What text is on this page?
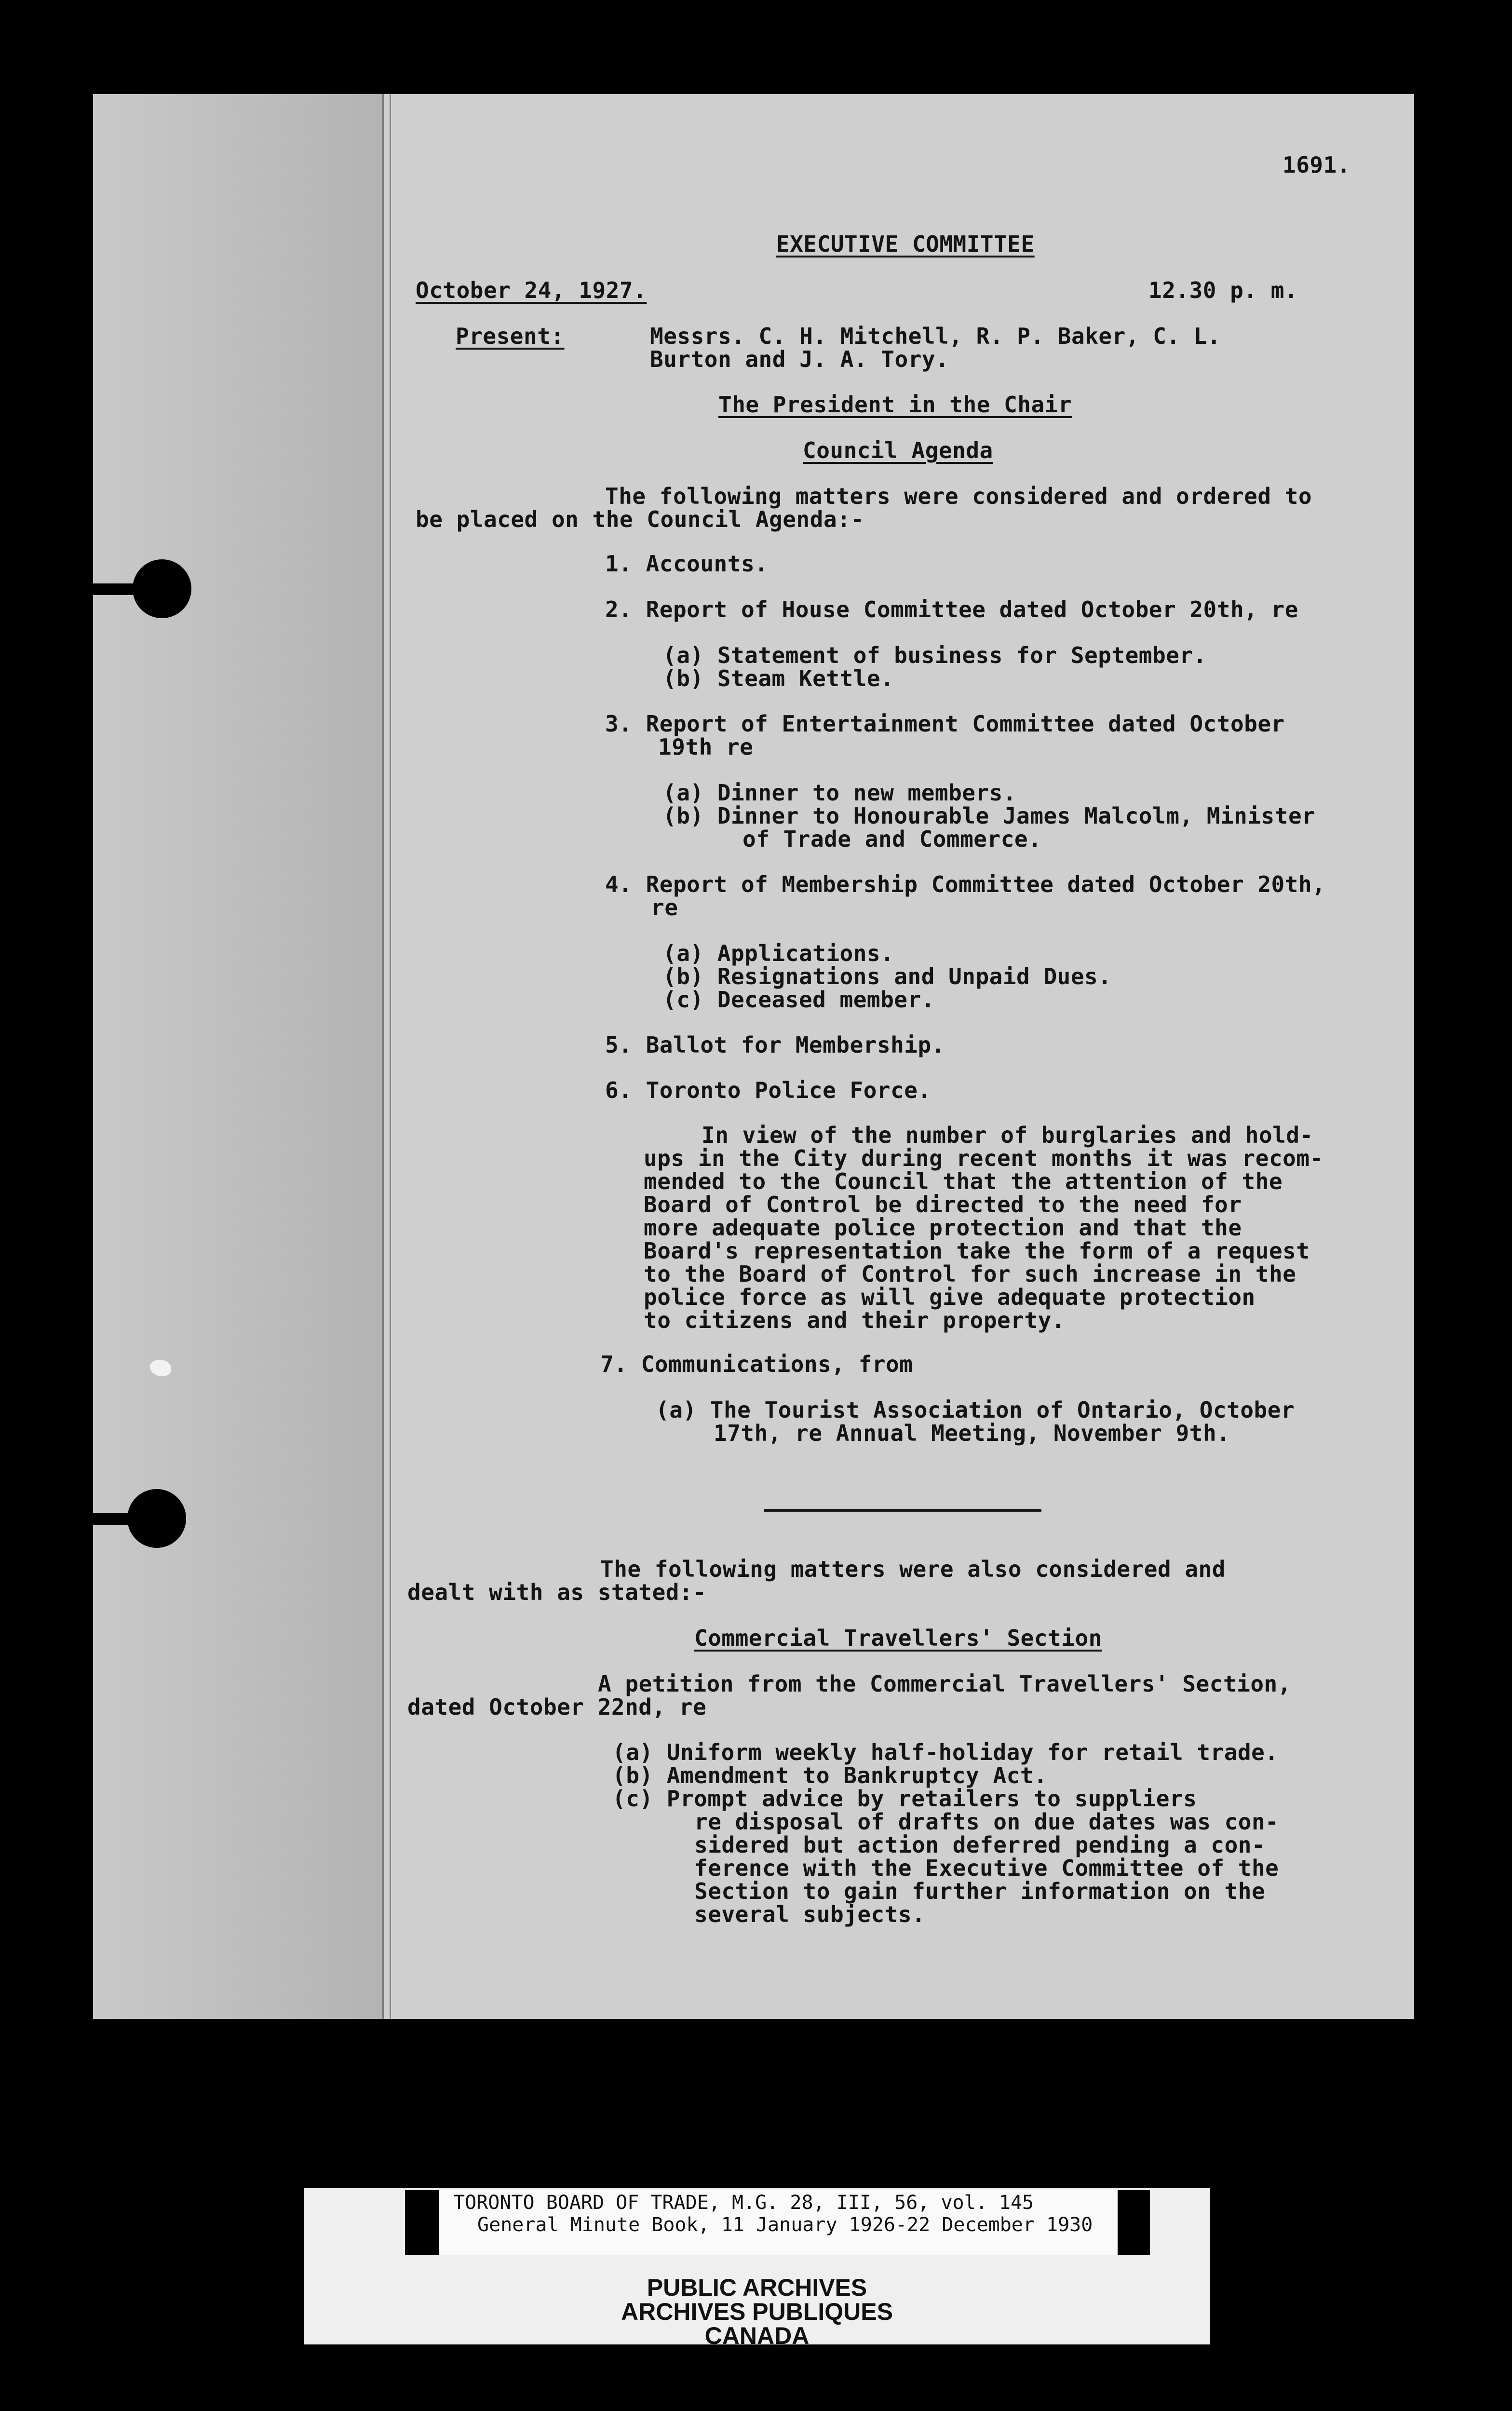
1691.
EXECUTIVE COMMITTEE
October 24, 1927.	12.30 p. m.
Present:	Messrs. C. H. Mitchell, R. P. Baker, C. L.
Burton and J. A. Tory.
The President in the Chair
Council Agenda
The following matters were considered and ordered to
be placed on the Council Agenda:-
1. Accounts.
2. Report of House Committee dated October 20th, re
(a) Statement of business for September.
(b) Steam Kettle.
3. Report of Entertainment Committee dated October
19th re
(a) Dinner to new members.
(b) Dinner to Honourable James Malcolm, Minister
of Trade and Commerce.
4. Report of Membership Committee dated October 20th,
re
(a) Applications.
(b) Resignations and Unpaid Dues.
(c) Deceased member.
5. Ballot for Membership.
6. Toronto Police Force.
In view of the number of burglaries and hold-
ups in the City during recent months it was recom-
mended to the Council that the attention of the
Board of Control be directed to the need for
more adequate police protection and that the
Board's representation take the form of a request
to the Board of Control for such increase in the
police force as will give adequate protection
to citizens and their property.
7. Communications, from
(a) The Tourist Association of Ontario, October
17th, re Annual Meeting, November 9th.
The following matters were also considered and
dealt with as stated:-
Commercial Travellers' Section
A petition from the Commercial Travellers' Section,
dated October 22nd, re
(a) Uniform weekly half-holiday for retail trade.
(b) Amendment to Bankruptcy Act.
(c) Prompt advice by retailers to suppliers
re disposal of drafts on due dates was con-
sidered but action deferred pending a con-
ference with the Executive Committee of the
Section to gain further information on the
several subjects.
TORONTO BOARD OF TRADE, M.G. 28, III, 56, vol. 145
General Minute Book, 11 January 1926-22 December 1930
PUBLIC ARCHIVES
ARCHIVES PUBLIQUES
CANADA
